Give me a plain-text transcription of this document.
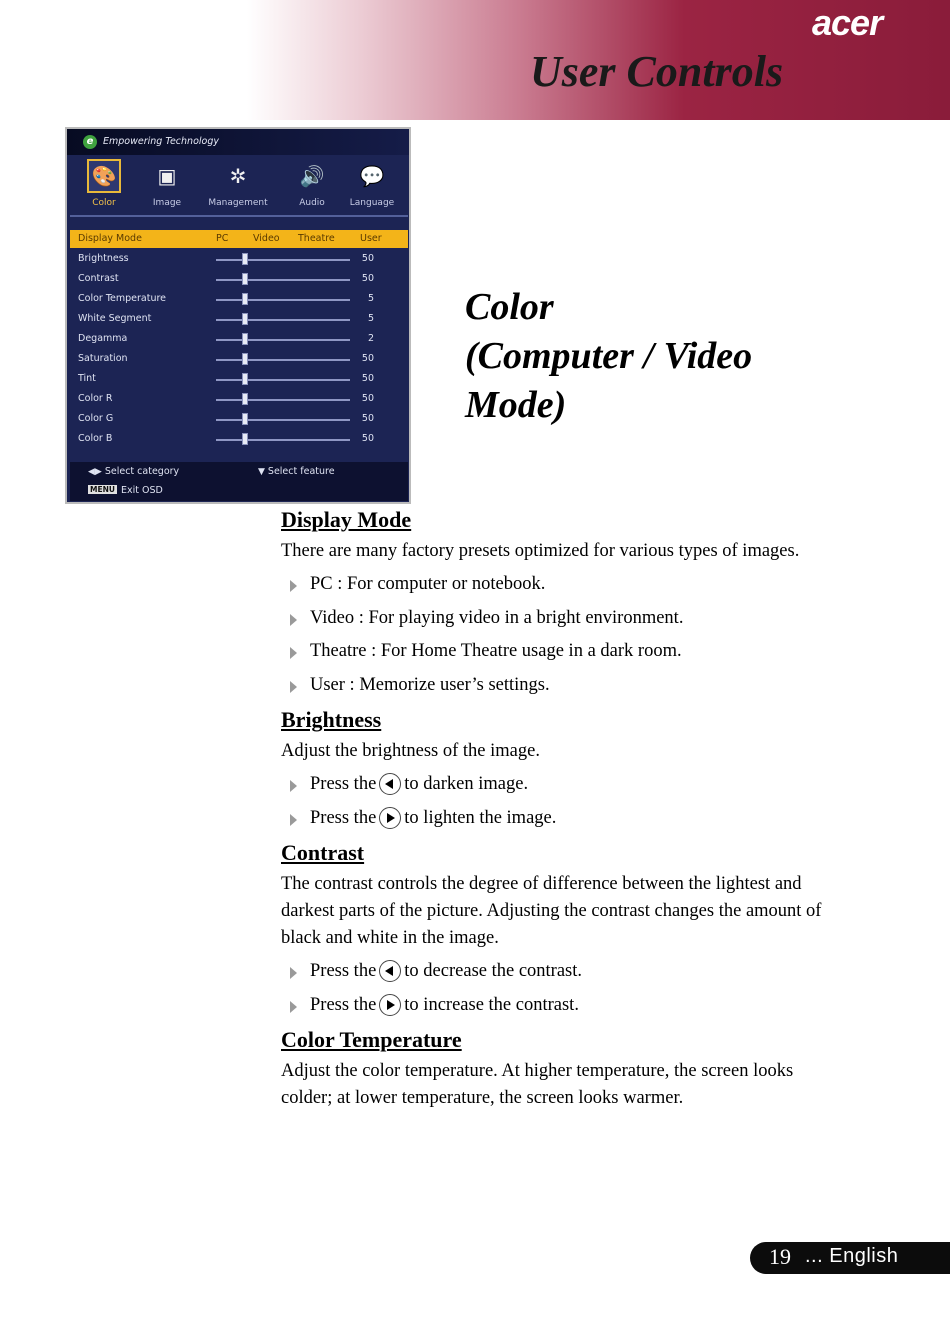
acer
User Controls
e	Empowering Technology
🎨
Color
▣
Image
✲
Management
🔊
Audio
💬
Language
Display Mode	PC	Video Theatre	User
Brightness	50
Contrast	50
Color Temperature	5
White Segment	5
Degamma	2
Saturation	50
Tint	50
Color R	50
Color G	50
Color B	50
◀▶ Select category	▼ Select feature
MENU Exit OSD
Color
(Computer / Video
Mode)
Display Mode

There are many factory presets optimized for various types of images.

PC : For computer or notebook.
Video : For playing video in a bright environment.
Theatre : For Home Theatre usage in a dark room.
User : Memorize user’s settings.
Brightness

Adjust the brightness of the image.

Press the to darken image.
Press the to lighten the image.
Contrast

The contrast controls the degree of difference between the lightest and darkest parts of the picture. Adjusting the contrast changes the amount of black and white in the image.

Press the to decrease the contrast.
Press the to increase the contrast.
Color Temperature

Adjust the color temperature. At higher temperature, the screen looks colder; at lower temperature, the screen looks warmer.

19 ... English
